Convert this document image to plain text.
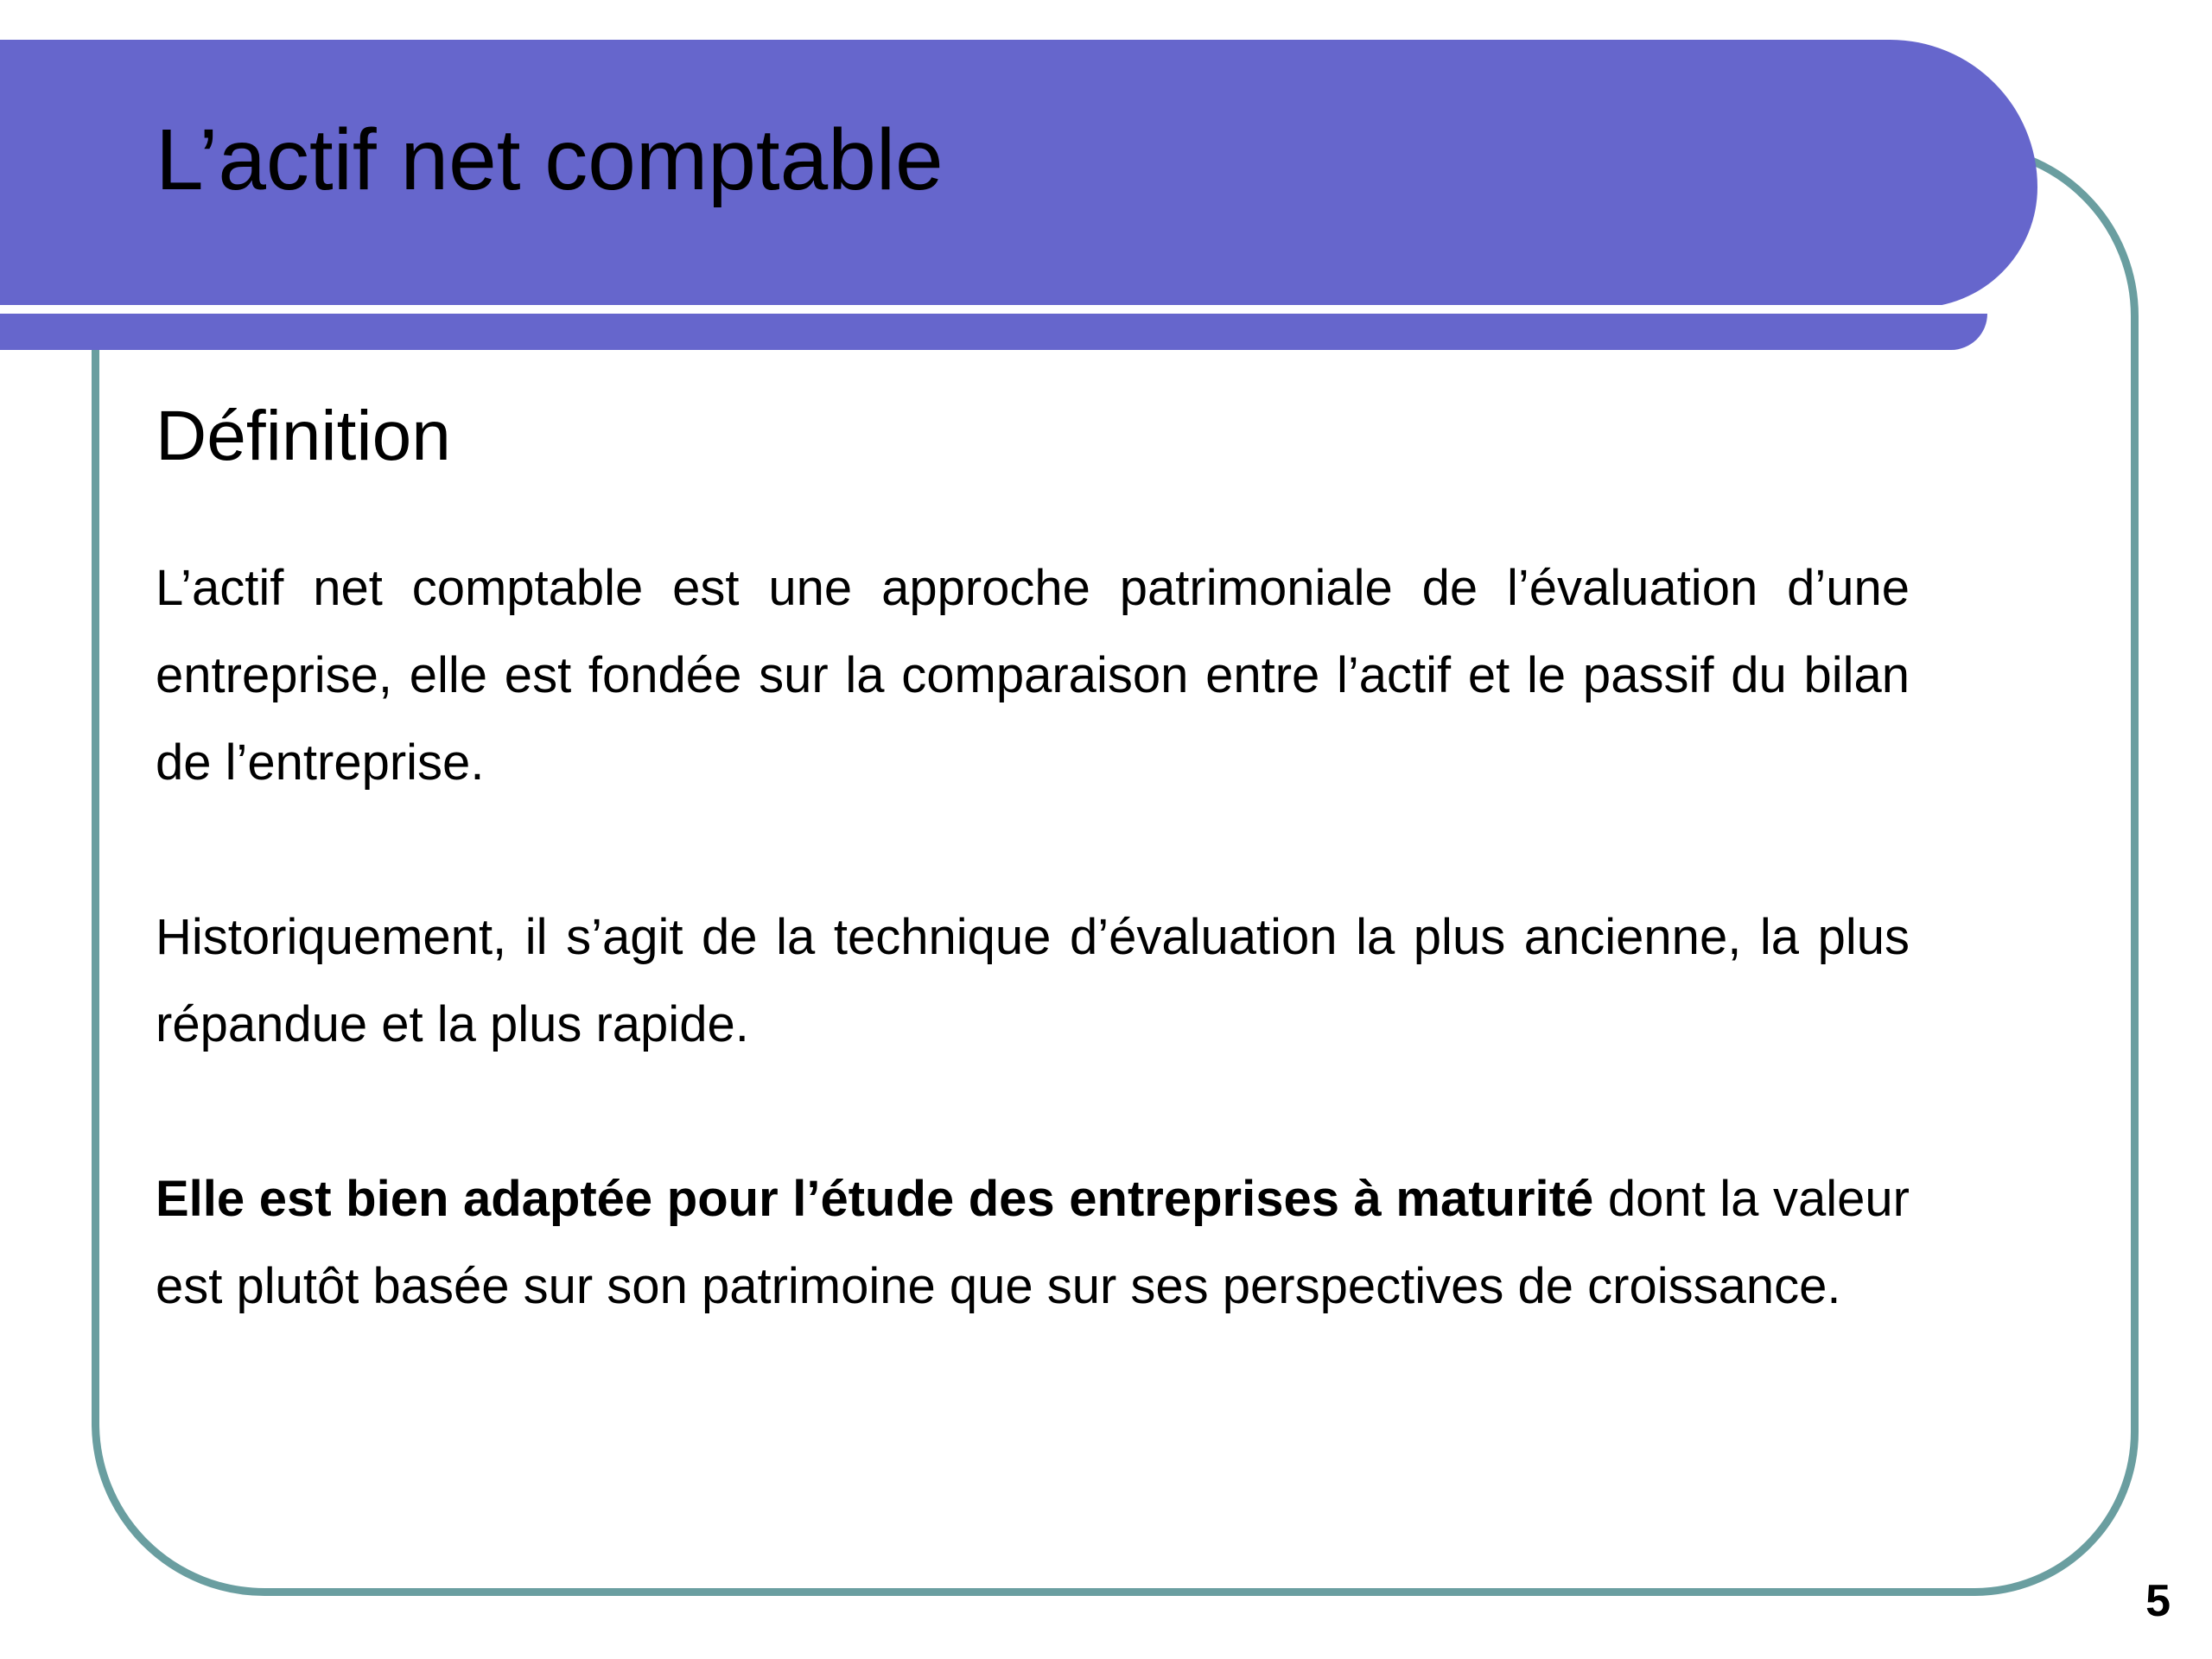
L’actif net comptable
Définition

L’actif net comptable est une approche patrimoniale de l’évaluation d’une entreprise, elle est fondée sur la comparaison entre l’actif et le passif du bilan de l’entreprise.

Historiquement, il s’agit de la technique d’évaluation la plus ancienne, la plus répandue et la plus rapide.

Elle est bien adaptée pour l’étude des entreprises à maturité dont la valeur est plutôt basée sur son patrimoine que sur ses perspectives de croissance.

5
